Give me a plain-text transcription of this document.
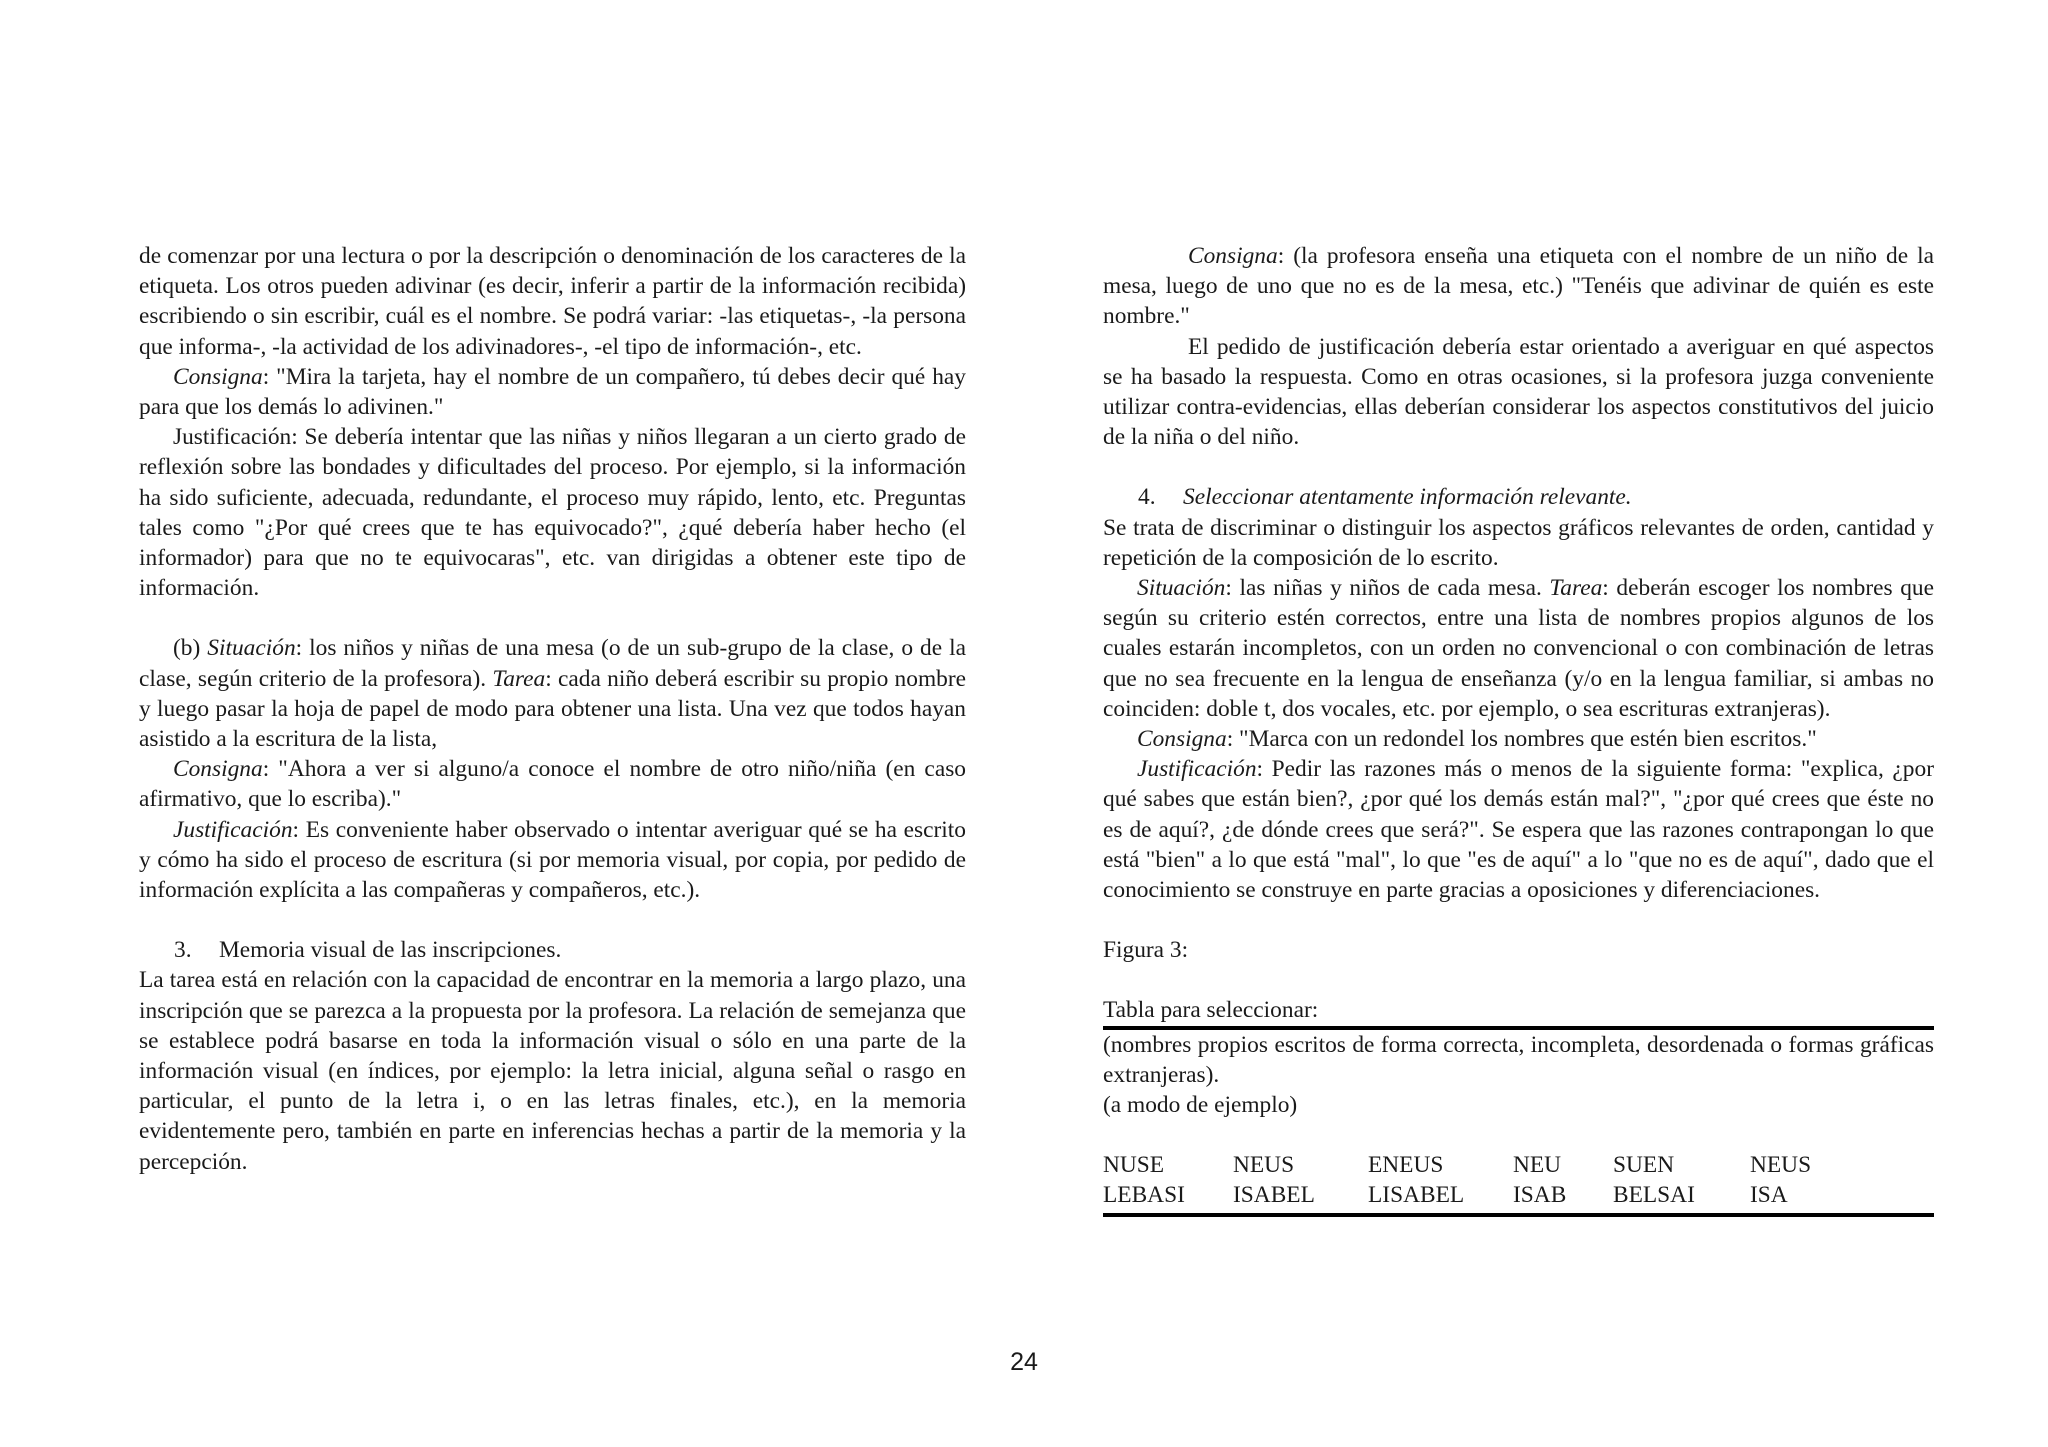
de comenzar por una lectura o por la descripción o denominación de los caracteres de la etiqueta. Los otros pueden adivinar (es decir, inferir a partir de la información recibida) escribiendo o sin escribir, cuál es el nombre. Se podrá variar: -las etiquetas-, -la persona que informa-, -la actividad de los adivinadores-, -el tipo de información-, etc.

Consigna: "Mira la tarjeta, hay el nombre de un compañero, tú debes decir qué hay para que los demás lo adivinen."

Justificación: Se debería intentar que las niñas y niños llegaran a un cierto grado de reflexión sobre las bondades y dificultades del proceso. Por ejemplo, si la información ha sido suficiente, adecuada, redundante, el proceso muy rápido, lento, etc. Preguntas tales como "¿Por qué crees que te has equivocado?", ¿qué debería haber hecho (el informador) para que no te equivocaras", etc. van dirigidas a obtener este tipo de información.

(b) Situación: los niños y niñas de una mesa (o de un sub-grupo de la clase, o de la clase, según criterio de la profesora). Tarea: cada niño deberá escribir su propio nombre y luego pasar la hoja de papel de modo para obtener una lista. Una vez que todos hayan asistido a la escritura de la lista,

Consigna: "Ahora a ver si alguno/a conoce el nombre de otro niño/niña (en caso afirmativo, que lo escriba)."

Justificación: Es conveniente haber observado o intentar averiguar qué se ha escrito y cómo ha sido el proceso de escritura (si por memoria visual, por copia, por pedido de información explícita a las compañeras y compañeros, etc.).

3. Memoria visual de las inscripciones.

La tarea está en relación con la capacidad de encontrar en la memoria a largo plazo, una inscripción que se parezca a la propuesta por la profesora. La relación de semejanza que se establece podrá basarse en toda la información visual o sólo en una parte de la información visual (en índices, por ejemplo: la letra inicial, alguna señal o rasgo en particular, el punto de la letra i, o en las letras finales, etc.), en la memoria evidentemente pero, también en parte en inferencias hechas a partir de la memoria y la percepción.

Consigna: (la profesora enseña una etiqueta con el nombre de un niño de la mesa, luego de uno que no es de la mesa, etc.) "Tenéis que adivinar de quién es este nombre."

El pedido de justificación debería estar orientado a averiguar en qué aspectos se ha basado la respuesta. Como en otras ocasiones, si la profesora juzga conveniente utilizar contra-evidencias, ellas deberían considerar los aspectos constitutivos del juicio de la niña o del niño.

4. Seleccionar atentamente información relevante.

Se trata de discriminar o distinguir los aspectos gráficos relevantes de orden, cantidad y repetición de la composición de lo escrito.

Situación: las niñas y niños de cada mesa. Tarea: deberán escoger los nombres que según su criterio estén correctos, entre una lista de nombres propios algunos de los cuales estarán incompletos, con un orden no convencional o con combinación de letras que no sea frecuente en la lengua de enseñanza (y/o en la lengua familiar, si ambas no coinciden: doble t, dos vocales, etc. por ejemplo, o sea escrituras extranjeras).

Consigna: "Marca con un redondel los nombres que estén bien escritos."

Justificación: Pedir las razones más o menos de la siguiente forma: "explica, ¿por qué sabes que están bien?, ¿por qué los demás están mal?", "¿por qué crees que éste no es de aquí?, ¿de dónde crees que será?". Se espera que las razones contrapongan lo que está "bien" a lo que está "mal", lo que "es de aquí" a lo "que no es de aquí", dado que el conocimiento se construye en parte gracias a oposiciones y diferenciaciones.

Figura 3:

Tabla para seleccionar:

(nombres propios escritos de forma correcta, incompleta, desordenada o formas gráficas extranjeras).

(a modo de ejemplo)

NUSE	NEUS	ENEUS	NEU	SUEN	NEUS
LEBASI	ISABEL	LISABEL	ISAB	BELSAI	ISA
24
